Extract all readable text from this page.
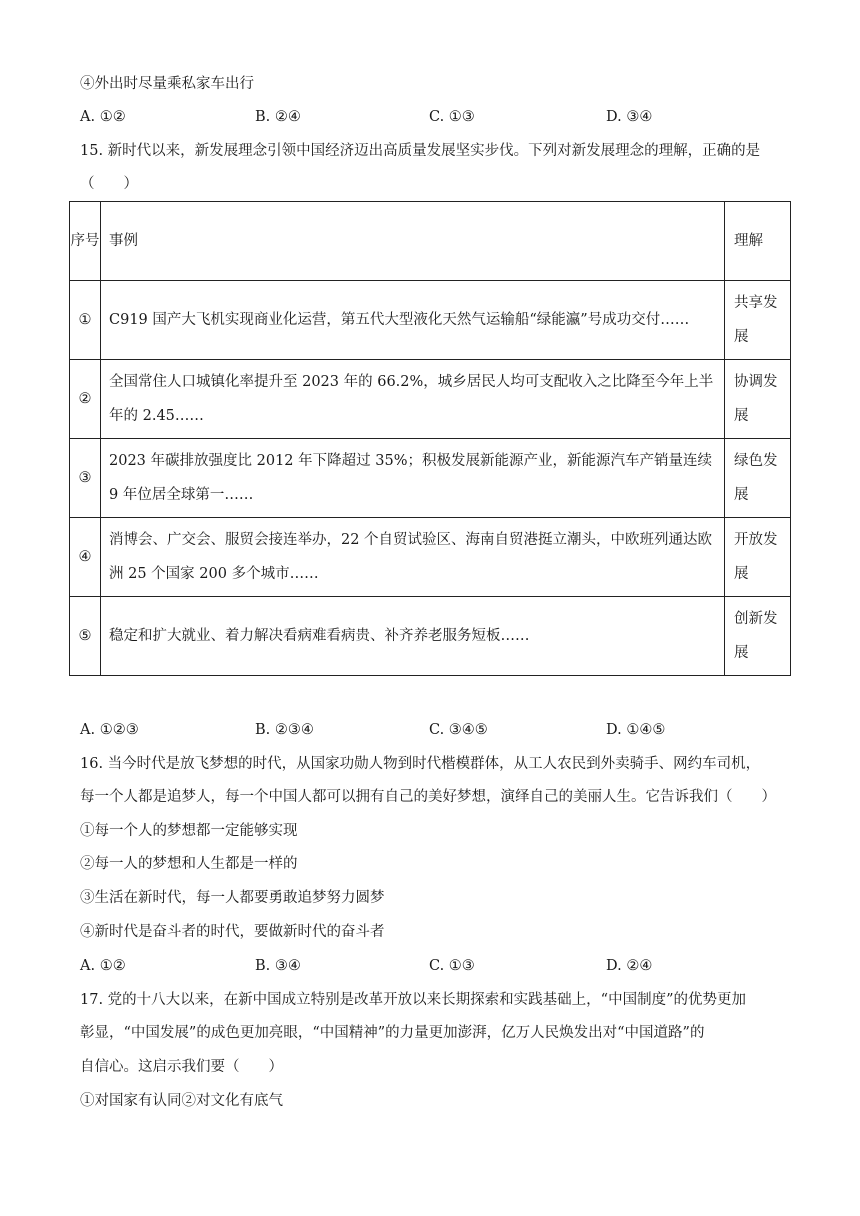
④外出时尽量乘私家车出行
A. ①②	B. ②④	C. ①③	D. ③④
15. 新时代以来，新发展理念引领中国经济迈出高质量发展坚实步伐。下列对新发展理念的理解，正确的是
（　　）
序号	事例	理解
①	C919 国产大飞机实现商业化运营，第五代大型液化天然气运输船“绿能瀛”号成功交付……	共享发展
②	全国常住人口城镇化率提升至 2023 年的 66.2%，城乡居民人均可支配收入之比降至今年上半年的 2.45……	协调发展
③	2023 年碳排放强度比 2012 年下降超过 35%；积极发展新能源产业，新能源汽车产销量连续 9 年位居全球第一……	绿色发展
④	消博会、广交会、服贸会接连举办，22 个自贸试验区、海南自贸港挺立潮头，中欧班列通达欧洲 25 个国家 200 多个城市……	开放发展
⑤	稳定和扩大就业、着力解决看病难看病贵、补齐养老服务短板……	创新发展
A. ①②③	B. ②③④	C. ③④⑤	D. ①④⑤
16. 当今时代是放飞梦想的时代，从国家功勋人物到时代楷模群体，从工人农民到外卖骑手、网约车司机，
每一个人都是追梦人，每一个中国人都可以拥有自己的美好梦想，演绎自己的美丽人生。它告诉我们（　　）
①每一个人的梦想都一定能够实现
②每一人的梦想和人生都是一样的
③生活在新时代，每一人都要勇敢追梦努力圆梦
④新时代是奋斗者的时代，要做新时代的奋斗者
A. ①②	B. ③④	C. ①③	D. ②④
17. 党的十八大以来，在新中国成立特别是改革开放以来长期探索和实践基础上，“中国制度”的优势更加
彰显，“中国发展”的成色更加亮眼，“中国精神”的力量更加澎湃，亿万人民焕发出对“中国道路”的
自信心。这启示我们要（　　）
①对国家有认同②对文化有底气
